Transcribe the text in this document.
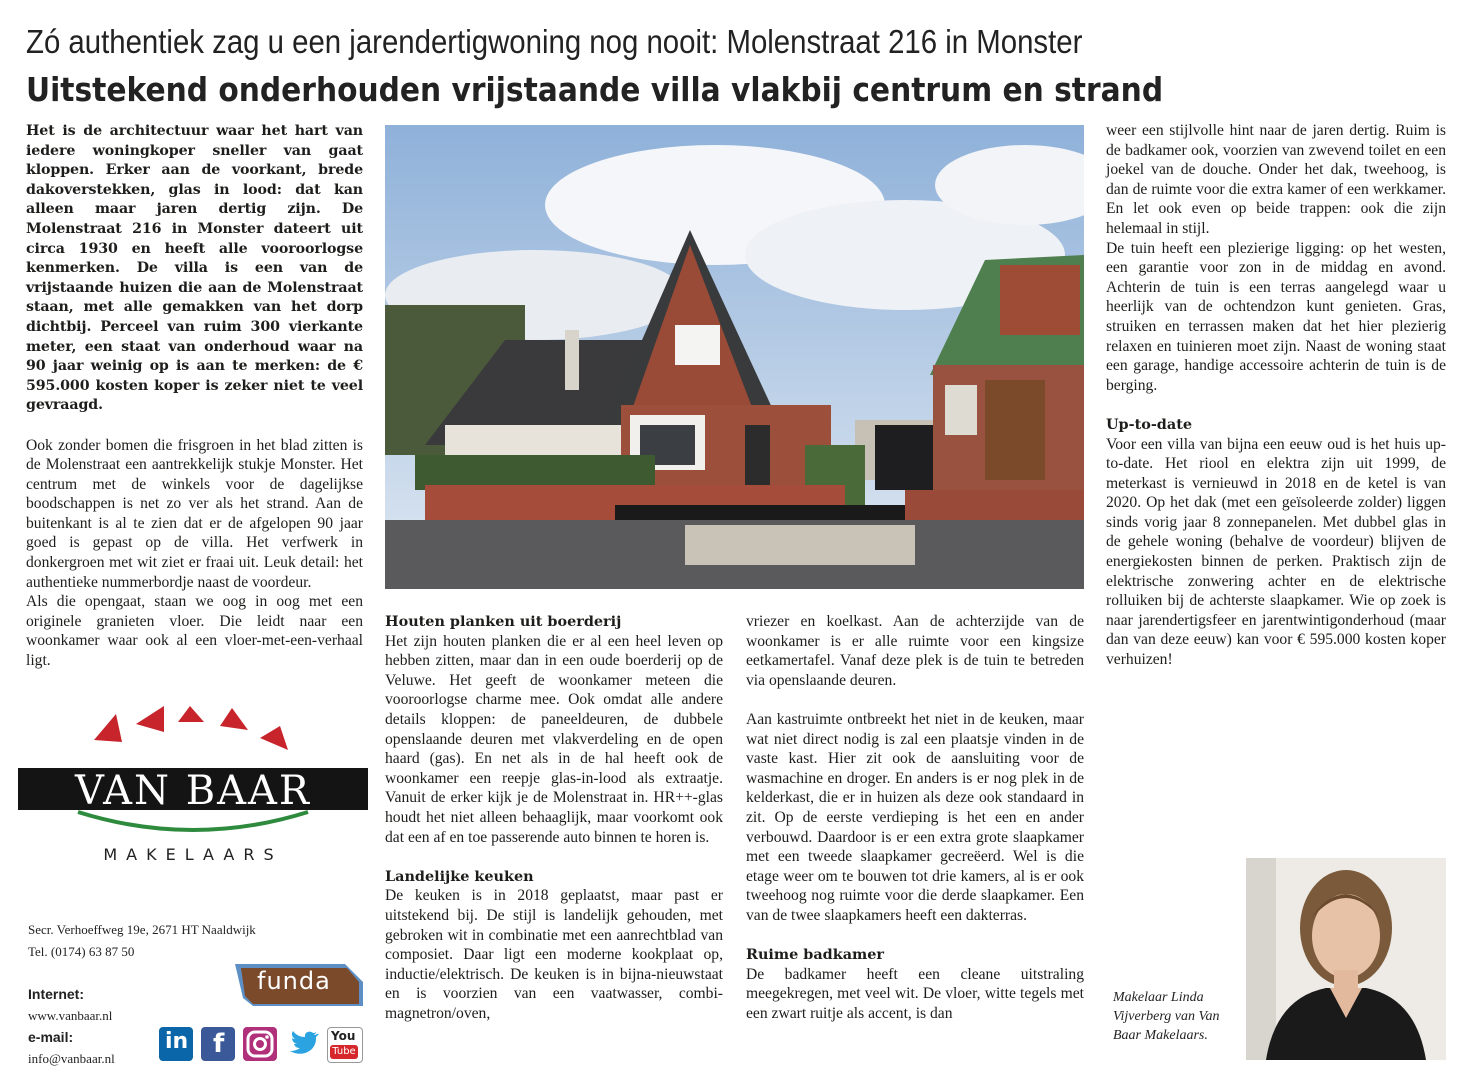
Zó authentiek zag u een jarendertigwoning nog nooit: Molenstraat 216 in Monster
Uitstekend onderhouden vrijstaande villa vlakbij centrum en strand

Het is de architectuur waar het hart van iedere woningkoper sneller van gaat kloppen. Erker aan de voorkant, brede dakoverstekken, glas in lood: dat kan alleen maar jaren dertig zijn. De Molenstraat 216 in Monster dateert uit circa 1930 en heeft alle vooroorlogse kenmerken. De villa is een van de vrijstaande huizen die aan de Molenstraat staan, met alle gemakken van het dorp dichtbij. Perceel van ruim 300 vierkante meter, een staat van onderhoud waar na 90 jaar weinig op is aan te merken: de € 595.000 kosten koper is zeker niet te veel gevraagd.

Ook zonder bomen die frisgroen in het blad zitten is de Molenstraat een aantrekkelijk stukje Monster. Het centrum met de winkels voor de dagelijkse boodschappen is net zo ver als het strand. Aan de buitenkant is al te zien dat er de afgelopen 90 jaar goed is gepast op de villa. Het verfwerk in donkergroen met wit ziet er fraai uit. Leuk detail: het authentieke nummerbordje naast de voordeur.

Als die opengaat, staan we oog in oog met een originele granieten vloer. Die leidt naar een woonkamer waar ook al een vloer-met-een-verhaal ligt.

Houten planken uit boerderij

Het zijn houten planken die er al een heel leven op hebben zitten, maar dan in een oude boerderij op de Veluwe. Het geeft de woonkamer meteen die vooroorlogse charme mee. Ook omdat alle andere details kloppen: de paneeldeuren, de dubbele openslaande deuren met vlakverdeling en de open haard (gas). En net als in de hal heeft ook de woonkamer een reepje glas-in-lood als extraatje. Vanuit de erker kijk je de Molenstraat in. HR++-glas houdt het niet alleen behaaglijk, maar voorkomt ook dat een af en toe passerende auto binnen te horen is.

Landelijke keuken

De keuken is in 2018 geplaatst, maar past er uitstekend bij. De stijl is landelijk gehouden, met gebroken wit in combinatie met een aanrechtblad van composiet. Daar ligt een moderne kookplaat op, inductie/elektrisch. De keuken is in bijna-nieuwstaat en is voorzien van een vaatwasser, combi-magnetron/oven,

vriezer en koelkast. Aan de achterzijde van de woonkamer is er alle ruimte voor een kingsize eetkamertafel. Vanaf deze plek is de tuin te betreden via openslaande deuren.

Aan kastruimte ontbreekt het niet in de keuken, maar wat niet direct nodig is zal een plaatsje vinden in de vaste kast. Hier zit ook de aansluiting voor de wasmachine en droger. En anders is er nog plek in de kelderkast, die er in huizen als deze ook standaard in zit. Op de eerste verdieping is het een en ander verbouwd. Daardoor is er een extra grote slaapkamer met een tweede slaapkamer gecreëerd. Wel is die etage weer om te bouwen tot drie kamers, al is er ook tweehoog nog ruimte voor die derde slaapkamer. Een van de twee slaapkamers heeft een dakterras.

Ruime badkamer

De badkamer heeft een cleane uitstraling meegekregen, met veel wit. De vloer, witte tegels met een zwart ruitje als accent, is dan

weer een stijlvolle hint naar de jaren dertig. Ruim is de badkamer ook, voorzien van zwevend toilet en een joekel van de douche. Onder het dak, tweehoog, is dan de ruimte voor die extra kamer of een werkkamer. En let ook even op beide trappen: ook die zijn helemaal in stijl.

De tuin heeft een plezierige ligging: op het westen, een garantie voor zon in de middag en avond. Achterin de tuin is een terras aangelegd waar u heerlijk van de ochtendzon kunt genieten. Gras, struiken en terrassen maken dat het hier plezierig relaxen en tuinieren moet zijn. Naast de woning staat een garage, handige accessoire achterin de tuin is de berging.

Up-to-date

Voor een villa van bijna een eeuw oud is het huis up-to-date. Het riool en elektra zijn uit 1999, de meterkast is vernieuwd in 2018 en de ketel is van 2020. Op het dak (met een geïsoleerde zolder) liggen sinds vorig jaar 8 zonnepanelen. Met dubbel glas in de gehele woning (behalve de voordeur) blijven de energiekosten binnen de perken. Praktisch zijn de elektrische zonwering achter en de elektrische rolluiken bij de achterste slaapkamer. Wie op zoek is naar jarendertigsfeer en jarentwintigonderhoud (maar dan van deze eeuw) kan voor € 595.000 kosten koper verhuizen!

VAN BAAR
MAKELAARS
Secr. Verhoeffweg 19e, 2671 HT Naaldwijk
Tel. (0174) 63 87 50
Internet:
www.vanbaar.nl
e-mail:
info@vanbaar.nl
funda
in f	You
Tube
Makelaar Linda Vijverberg van Van Baar Makelaars.
